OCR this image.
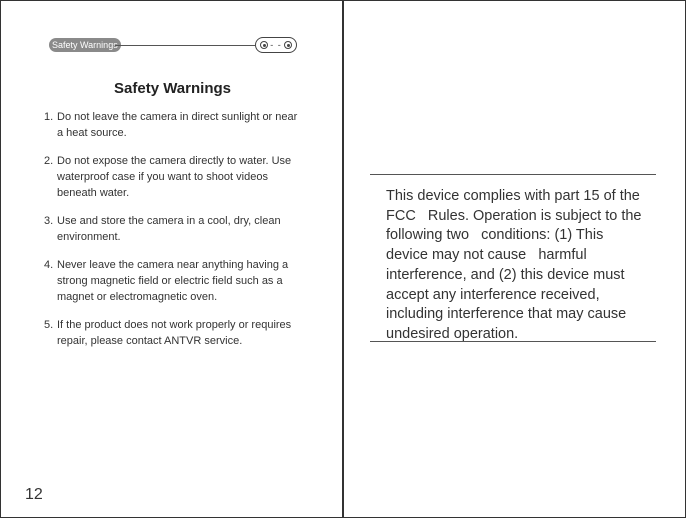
Safety Warnings	- -
Safety Warnings
1. Do not leave the camera in direct sunlight or near a heat source.
2. Do not expose the camera directly to water. Use waterproof case if you want to shoot videos beneath water.
3. Use and store the camera in a cool, dry, clean environment.
4. Never leave the camera near anything having a strong magnetic field or electric field such as a magnet or electromagnetic oven.
5. If the product does not work properly or requires repair, please contact ANTVR service.
12
This device complies with part 15 of the FCC   Rules. Operation is subject to the following two   conditions: (1) This device may not cause   harmful interference, and (2) this device must accept any interference received, including interference that may cause undesired operation.
